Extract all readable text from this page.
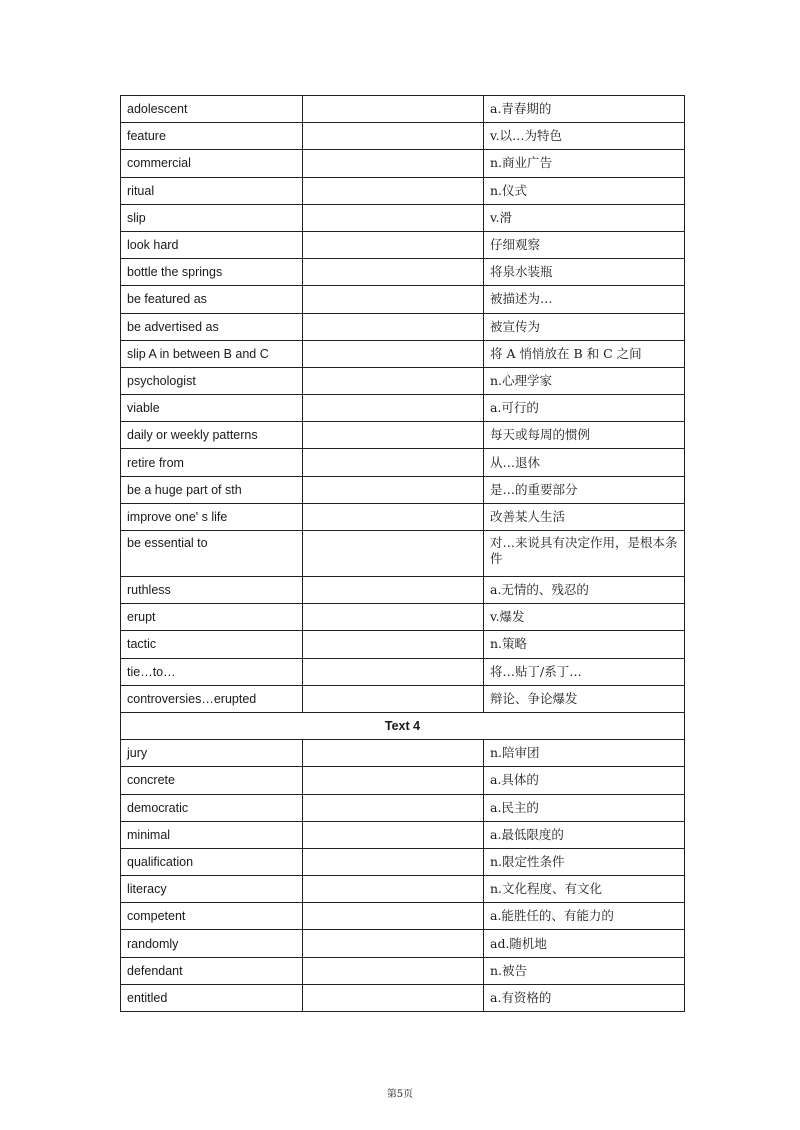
adolescent		a.青春期的
feature		v.以…为特色
commercial		n.商业广告
ritual		n.仪式
slip		v.滑
look hard		仔细观察
bottle the springs		将泉水装瓶
be featured as		被描述为…
be advertised as		被宣传为
slip A in between B and C		将 A 悄悄放在 B 和 C 之间
psychologist		n.心理学家
viable		a.可行的
daily or weekly patterns		每天或每周的惯例
retire from		从…退休
be a huge part of sth		是…的重要部分
improve one' s life		改善某人生活
be essential to		对…来说具有决定作用，是根本条件
ruthless		a.无情的、残忍的
erupt		v.爆发
tactic		n.策略
tie…to…		将…贴丁/系丁…
controversies…erupted		辩论、争论爆发
Text 4		
jury		n.陪审团
concrete		a.具体的
democratic		a.民主的
minimal		a.最低限度的
qualification		n.限定性条件
literacy		n.文化程度、有文化
competent		a.能胜任的、有能力的
randomly		ad.随机地
defendant		n.被告
entitled		a.有资格的
第5页
